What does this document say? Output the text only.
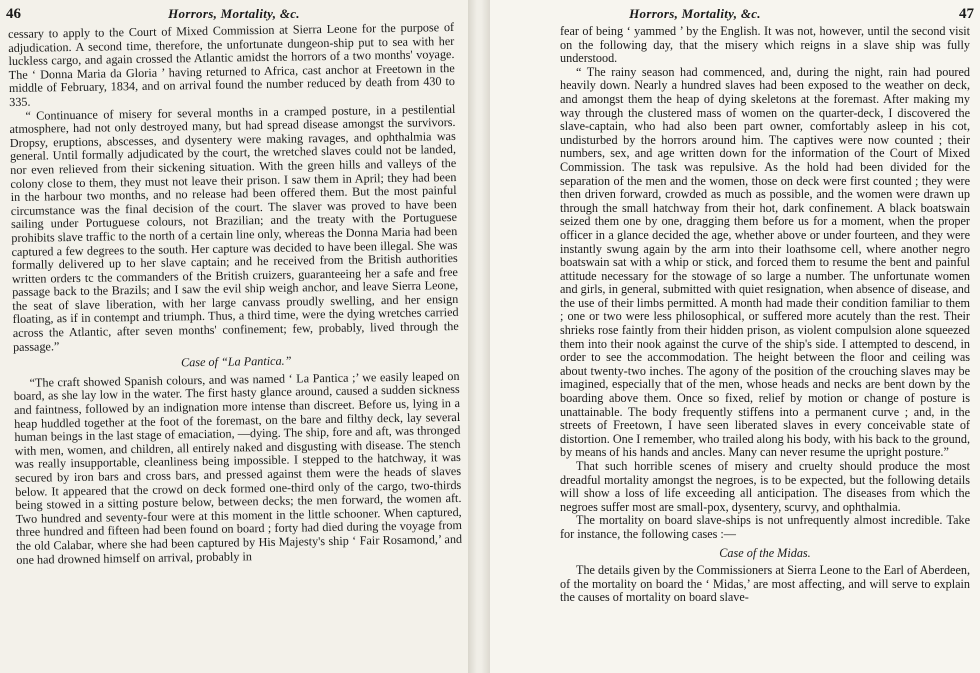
46	Horrors, Mortality, &c.

cessary to apply to the Court of Mixed Commission at Sierra Leone for the purpose of adjudication. A second time, therefore, the unfortunate dungeon-ship put to sea with her luckless cargo, and again crossed the Atlantic amidst the horrors of a two months' voyage. The ‘ Donna Maria da Gloria ’ having returned to Africa, cast anchor at Freetown in the middle of February, 1834, and on arrival found the number reduced by death from 430 to 335.

“ Continuance of misery for several months in a cramped posture, in a pestilential atmosphere, had not only destroyed many, but had spread disease amongst the survivors. Dropsy, eruptions, abscesses, and dysentery were making ravages, and ophthalmia was general. Until formally adjudicated by the court, the wretched slaves could not be landed, nor even relieved from their sickening situation. With the green hills and valleys of the colony close to them, they must not leave their prison. I saw them in April; they had been in the harbour two months, and no release had been offered them. But the most painful circumstance was the final decision of the court. The slaver was proved to have been sailing under Portuguese colours, not Brazilian; and the treaty with the Portuguese prohibits slave traffic to the north of a certain line only, whereas the Donna Maria had been captured a few degrees to the south. Her capture was decided to have been illegal. She was formally delivered up to her slave captain; and he received from the British authorities written orders tc the commanders of the British cruizers, guaranteeing her a safe and free passage back to the Brazils; and I saw the evil ship weigh anchor, and leave Sierra Leone, the seat of slave liberation, with her large canvass proudly swelling, and her ensign floating, as if in contempt and triumph. Thus, a third time, were the dying wretches carried across the Atlantic, after seven months' confinement; few, probably, lived through the passage.”

Case of “La Pantica.”

“The craft showed Spanish colours, and was named ‘ La Pantica ;’ we easily leaped on board, as she lay low in the water. The first hasty glance around, caused a sudden sickness and faintness, followed by an indignation more intense than discreet. Before us, lying in a heap huddled together at the foot of the foremast, on the bare and filthy deck, lay several human beings in the last stage of emaciation, —dying. The ship, fore and aft, was thronged with men, women, and children, all entirely naked and disgusting with disease. The stench was really insupportable, cleanliness being impossible. I stepped to the hatchway, it was secured by iron bars and cross bars, and pressed against them were the heads of slaves below. It appeared that the crowd on deck formed one-third only of the cargo, two-thirds being stowed in a sitting posture below, between decks; the men forward, the women aft. Two hundred and seventy-four were at this moment in the little schooner. When captured, three hundred and fifteen had been found on board ; forty had died during the voyage from the old Calabar, where she had been captured by His Majesty's ship ‘ Fair Rosamond,’ and one had drowned himself on arrival, probably in

Horrors, Mortality, &c.	47

fear of being ‘ yammed ’ by the English. It was not, however, until the second visit on the following day, that the misery which reigns in a slave ship was fully understood.

“ The rainy season had commenced, and, during the night, rain had poured heavily down. Nearly a hundred slaves had been exposed to the weather on deck, and amongst them the heap of dying skeletons at the foremast. After making my way through the clustered mass of women on the quarter-deck, I discovered the slave-captain, who had also been part owner, comfortably asleep in his cot, undisturbed by the horrors around him. The captives were now counted ; their numbers, sex, and age written down for the information of the Court of Mixed Commission. The task was repulsive. As the hold had been divided for the separation of the men and the women, those on deck were first counted ; they were then driven forward, crowded as much as possible, and the women were drawn up through the small hatchway from their hot, dark confinement. A black boatswain seized them one by one, dragging them before us for a moment, when the proper officer in a glance decided the age, whether above or under fourteen, and they were instantly swung again by the arm into their loathsome cell, where another negro boatswain sat with a whip or stick, and forced them to resume the bent and painful attitude necessary for the stowage of so large a number. The unfortunate women and girls, in general, submitted with quiet resignation, when absence of disease, and the use of their limbs permitted. A month had made their condition familiar to them ; one or two were less philosophical, or suffered more acutely than the rest. Their shrieks rose faintly from their hidden prison, as violent compulsion alone squeezed them into their nook against the curve of the ship's side. I attempted to descend, in order to see the accommodation. The height between the floor and ceiling was about twenty-two inches. The agony of the position of the crouching slaves may be imagined, especially that of the men, whose heads and necks are bent down by the boarding above them. Once so fixed, relief by motion or change of posture is unattainable. The body frequently stiffens into a permanent curve ; and, in the streets of Freetown, I have seen liberated slaves in every conceivable state of distortion. One I remember, who trailed along his body, with his back to the ground, by means of his hands and ancles. Many can never resume the upright posture.”

That such horrible scenes of misery and cruelty should produce the most dreadful mortality amongst the negroes, is to be expected, but the following details will show a loss of life exceeding all anticipation. The diseases from which the negroes suffer most are small-pox, dysentery, scurvy, and ophthalmia.

The mortality on board slave-ships is not unfrequently almost incredible. Take for instance, the following cases :—

Case of the Midas.

The details given by the Commissioners at Sierra Leone to the Earl of Aberdeen, of the mortality on board the ‘ Midas,’ are most affecting, and will serve to explain the causes of mortality on board slave-
